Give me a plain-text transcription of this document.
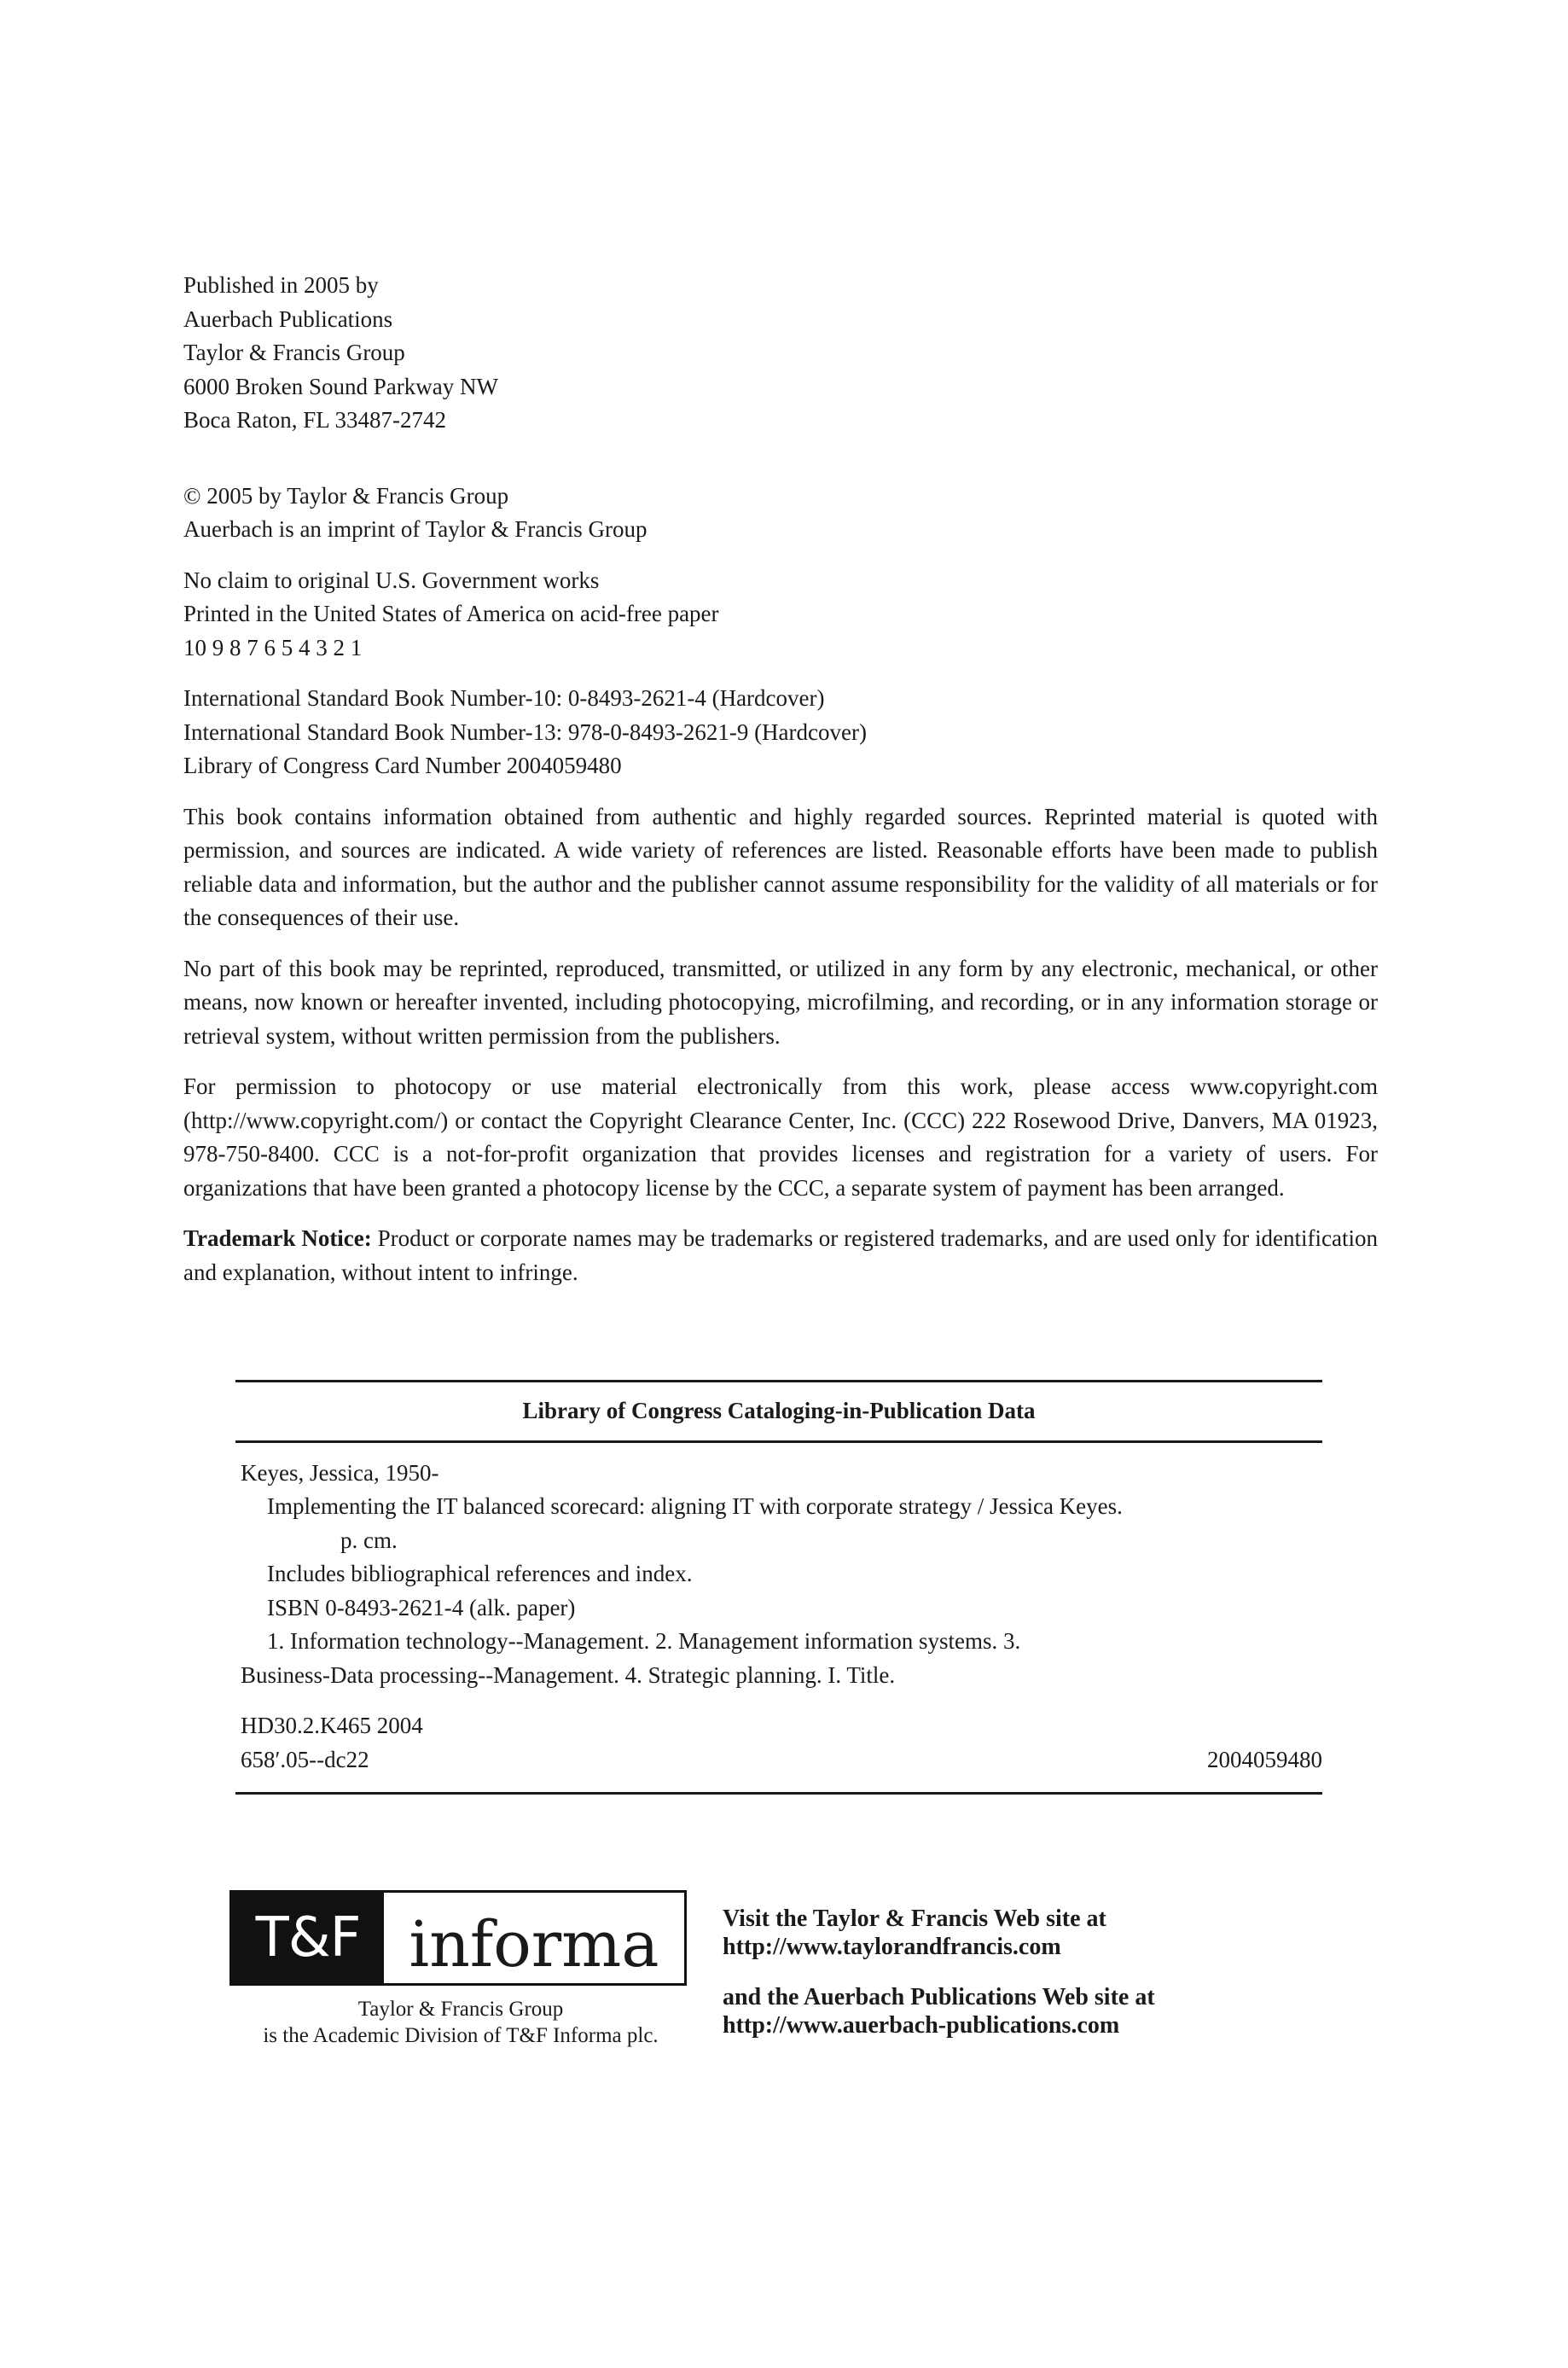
Published in 2005 by
Auerbach Publications
Taylor & Francis Group
6000 Broken Sound Parkway NW
Boca Raton, FL 33487-2742
© 2005 by Taylor & Francis Group
Auerbach is an imprint of Taylor & Francis Group
No claim to original U.S. Government works
Printed in the United States of America on acid-free paper
10 9 8 7 6 5 4 3 2 1
International Standard Book Number-10: 0-8493-2621-4 (Hardcover)
International Standard Book Number-13: 978-0-8493-2621-9 (Hardcover)
Library of Congress Card Number 2004059480

This book contains information obtained from authentic and highly regarded sources. Reprinted material is quoted with permission, and sources are indicated. A wide variety of references are listed. Reasonable efforts have been made to publish reliable data and information, but the author and the publisher cannot assume responsibility for the validity of all materials or for the consequences of their use.

No part of this book may be reprinted, reproduced, transmitted, or utilized in any form by any electronic, mechanical, or other means, now known or hereafter invented, including photocopying, microfilming, and recording, or in any information storage or retrieval system, without written permission from the publishers.

For permission to photocopy or use material electronically from this work, please access www.copyright.com (http://www.copyright.com/) or contact the Copyright Clearance Center, Inc. (CCC) 222 Rosewood Drive, Danvers, MA 01923, 978-750-8400. CCC is a not-for-profit organization that provides licenses and registration for a variety of users. For organizations that have been granted a photocopy license by the CCC, a separate system of payment has been arranged.

Trademark Notice: Product or corporate names may be trademarks or registered trademarks, and are used only for identification and explanation, without intent to infringe.

Library of Congress Cataloging-in-Publication Data
Keyes, Jessica, 1950-
Implementing the IT balanced scorecard: aligning IT with corporate strategy / Jessica Keyes.
p. cm.
Includes bibliographical references and index.
ISBN 0-8493-2621-4 (alk. paper)
1. Information technology--Management. 2. Management information systems. 3.
Business-Data processing--Management. 4. Strategic planning. I. Title.
HD30.2.K465 2004
658′.05--dc22	2004059480
T&F informa
Taylor & Francis Group
is the Academic Division of T&F Informa plc.
Visit the Taylor & Francis Web site at
http://www.taylorandfrancis.com
and the Auerbach Publications Web site at
http://www.auerbach-publications.com
